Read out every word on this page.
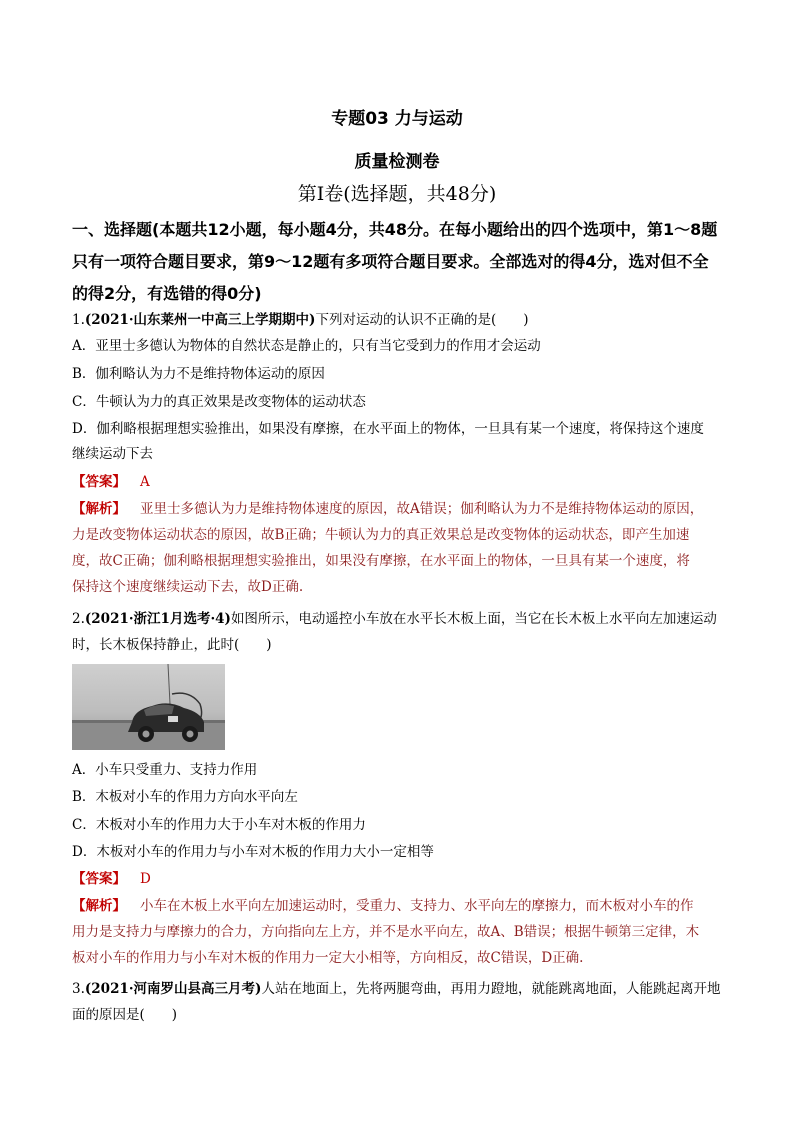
专题03 力与运动
质量检测卷
第Ⅰ卷(选择题，共48分)
一、选择题(本题共12小题，每小题4分，共48分。在每小题给出的四个选项中，第1～8题
只有一项符合题目要求，第9～12题有多项符合题目要求。全部选对的得4分，选对但不全
的得2分，有选错的得0分)
1.(2021·山东莱州一中高三上学期期中)下列对运动的认识不正确的是(　　)
A．亚里士多德认为物体的自然状态是静止的，只有当它受到力的作用才会运动
B．伽利略认为力不是维持物体运动的原因
C．牛顿认为力的真正效果是改变物体的运动状态
D．伽利略根据理想实验推出，如果没有摩擦，在水平面上的物体，一旦具有某一个速度，将保持这个速度
继续运动下去
【答案】 A
【解析】 亚里士多德认为力是维持物体速度的原因，故A错误；伽利略认为力不是维持物体运动的原因，
力是改变物体运动状态的原因，故B正确；牛顿认为力的真正效果总是改变物体的运动状态，即产生加速
度，故C正确；伽利略根据理想实验推出，如果没有摩擦，在水平面上的物体，一旦具有某一个速度，将
保持这个速度继续运动下去，故D正确.
2.(2021·浙江1月选考·4)如图所示，电动遥控小车放在水平长木板上面，当它在长木板上水平向左加速运动
时，长木板保持静止，此时(　　)
A．小车只受重力、支持力作用
B．木板对小车的作用力方向水平向左
C．木板对小车的作用力大于小车对木板的作用力
D．木板对小车的作用力与小车对木板的作用力大小一定相等
【答案】 D
【解析】 小车在木板上水平向左加速运动时，受重力、支持力、水平向左的摩擦力，而木板对小车的作
用力是支持力与摩擦力的合力，方向指向左上方，并不是水平向左，故A、B错误；根据牛顿第三定律，木
板对小车的作用力与小车对木板的作用力一定大小相等，方向相反，故C错误，D正确.
3.(2021·河南罗山县高三月考)人站在地面上，先将两腿弯曲，再用力蹬地，就能跳离地面，人能跳起离开地
面的原因是(　　)
